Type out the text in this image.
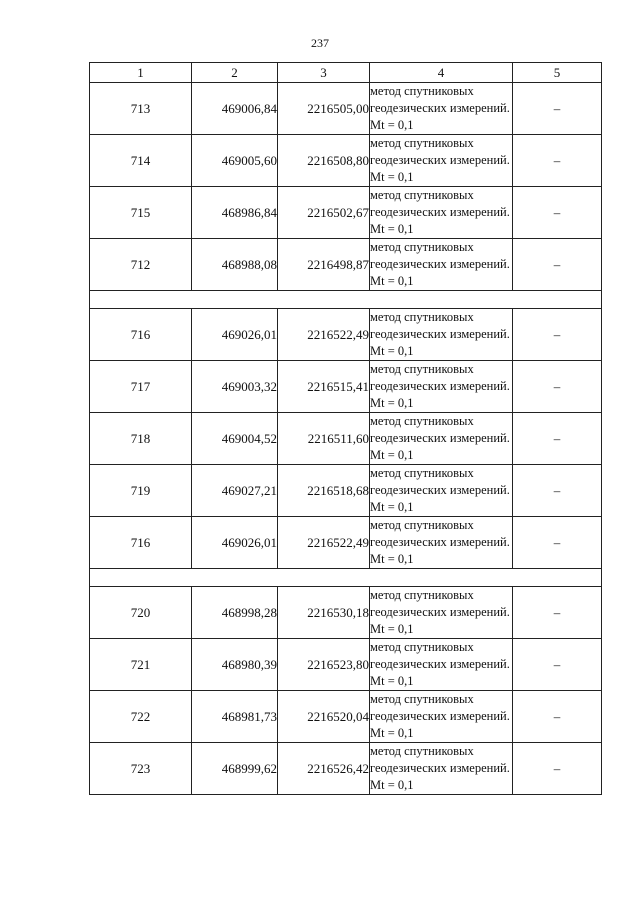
237
1	2	3	4	5
713	469006,84	2216505,00	метод спутниковых геодезических измерений. Mt = 0,1	–
714	469005,60	2216508,80	метод спутниковых геодезических измерений. Mt = 0,1	–
715	468986,84	2216502,67	метод спутниковых геодезических измерений. Mt = 0,1	–
712	468988,08	2216498,87	метод спутниковых геодезических измерений. Mt = 0,1	–

716	469026,01	2216522,49	метод спутниковых геодезических измерений. Mt = 0,1	–
717	469003,32	2216515,41	метод спутниковых геодезических измерений. Mt = 0,1	–
718	469004,52	2216511,60	метод спутниковых геодезических измерений. Mt = 0,1	–
719	469027,21	2216518,68	метод спутниковых геодезических измерений. Mt = 0,1	–
716	469026,01	2216522,49	метод спутниковых геодезических измерений. Mt = 0,1	–

720	468998,28	2216530,18	метод спутниковых геодезических измерений. Mt = 0,1	–
721	468980,39	2216523,80	метод спутниковых геодезических измерений. Mt = 0,1	–
722	468981,73	2216520,04	метод спутниковых геодезических измерений. Mt = 0,1	–
723	468999,62	2216526,42	метод спутниковых геодезических измерений. Mt = 0,1	–
